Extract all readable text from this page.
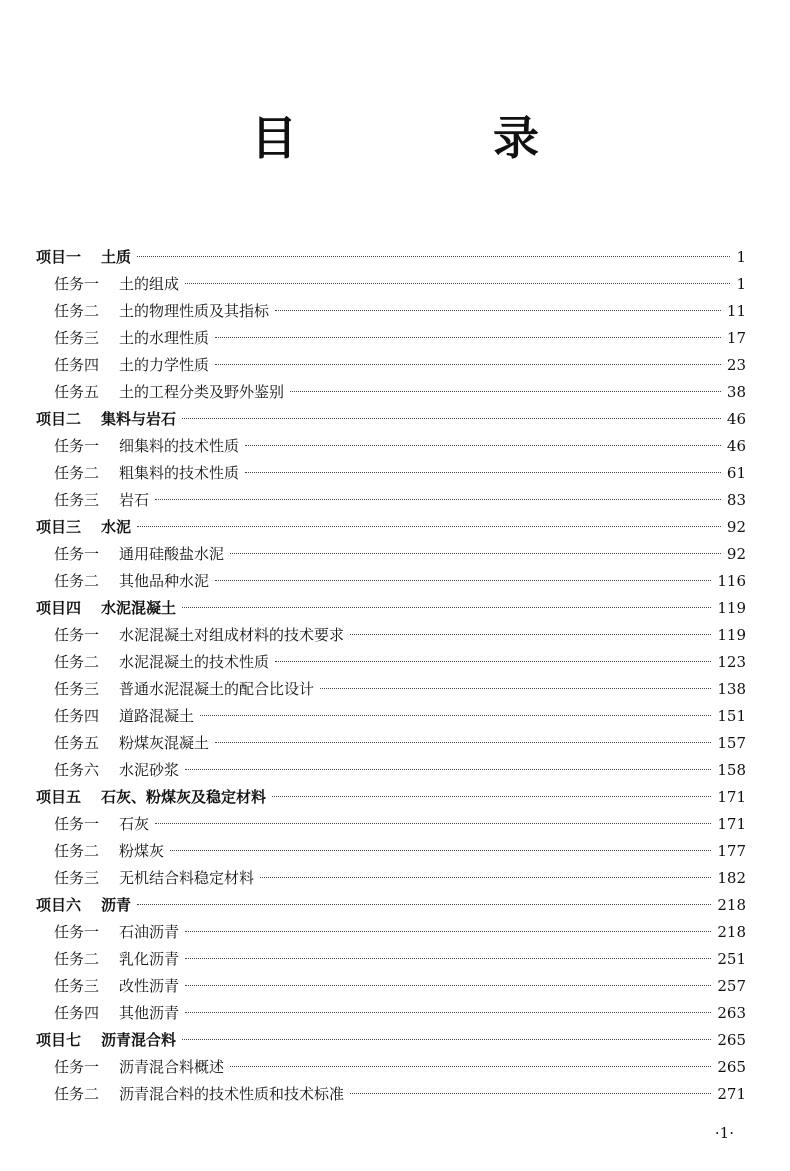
目 录
项目一 土质	1
任务一 土的组成	1
任务二 土的物理性质及其指标	11
任务三 土的水理性质	17
任务四 土的力学性质	23
任务五 土的工程分类及野外鉴别	38
项目二 集料与岩石	46
任务一 细集料的技术性质	46
任务二 粗集料的技术性质	61
任务三 岩石	83
项目三 水泥	92
任务一 通用硅酸盐水泥	92
任务二 其他品种水泥	116
项目四 水泥混凝土	119
任务一 水泥混凝土对组成材料的技术要求	119
任务二 水泥混凝土的技术性质	123
任务三 普通水泥混凝土的配合比设计	138
任务四 道路混凝土	151
任务五 粉煤灰混凝土	157
任务六 水泥砂浆	158
项目五 石灰、粉煤灰及稳定材料	171
任务一 石灰	171
任务二 粉煤灰	177
任务三 无机结合料稳定材料	182
项目六 沥青	218
任务一 石油沥青	218
任务二 乳化沥青	251
任务三 改性沥青	257
任务四 其他沥青	263
项目七 沥青混合料	265
任务一 沥青混合料概述	265
任务二 沥青混合料的技术性质和技术标准	271
·1·
